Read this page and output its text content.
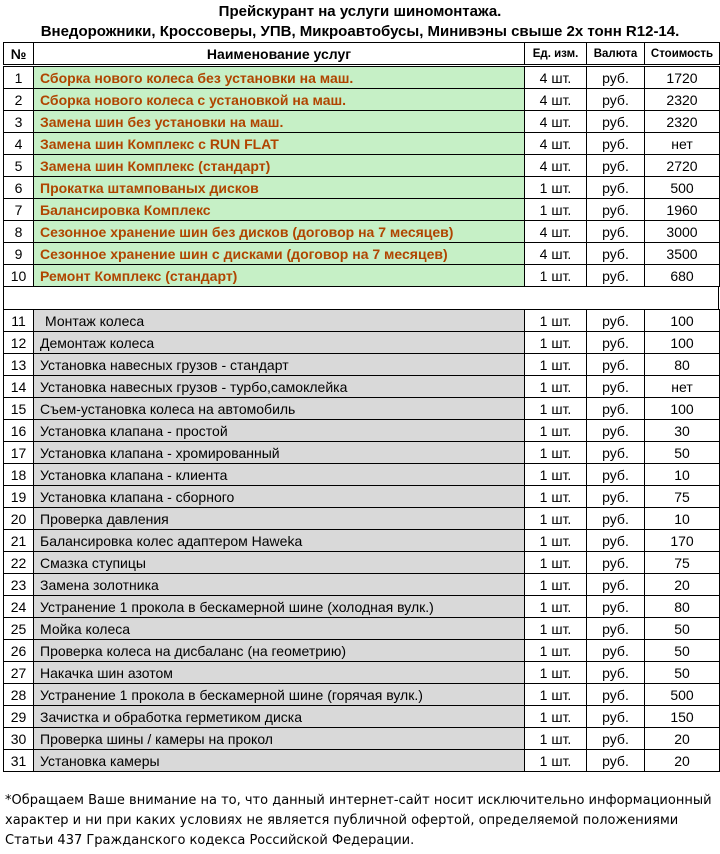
Прейскурант на услуги шиномонтажа.
Внедорожники, Кроссоверы, УПВ, Микроавтобусы, Минивэны свыше 2х тонн R12-14.
№	Наименование услуг	Ед. изм.	Валюта	Стоимость
1	Сборка нового колеса без установки на маш.	4 шт.	руб.	1720
2	Сборка нового колеса с установкой на маш.	4 шт.	руб.	2320
3	Замена шин без установки на маш.	4 шт.	руб.	2320
4	Замена шин Комплекс с RUN FLAT	4 шт.	руб.	нет
5	Замена шин Комплекс (стандарт)	4 шт.	руб.	2720
6	Прокатка штампованых дисков	1 шт.	руб.	500
7	Балансировка Комплекс	1 шт.	руб.	1960
8	Сезонное хранение шин без дисков (договор на 7 месяцев)	4 шт.	руб.	3000
9	Сезонное хранение шин с дисками (договор на 7 месяцев)	4 шт.	руб.	3500
10	Ремонт Комплекс (стандарт)	1 шт.	руб.	680
11	Монтаж колеса	1 шт.	руб.	100
12	Демонтаж колеса	1 шт.	руб.	100
13	Установка навесных грузов - стандарт	1 шт.	руб.	80
14	Установка навесных грузов - турбо,самоклейка	1 шт.	руб.	нет
15	Съем-установка колеса на автомобиль	1 шт.	руб.	100
16	Установка клапана - простой	1 шт.	руб.	30
17	Установка клапана - хромированный	1 шт.	руб.	50
18	Установка клапана - клиента	1 шт.	руб.	10
19	Установка клапана - сборного	1 шт.	руб.	75
20	Проверка давления	1 шт.	руб.	10
21	Балансировка колес адаптером Haweka	1 шт.	руб.	170
22	Смазка ступицы	1 шт.	руб.	75
23	Замена золотника	1 шт.	руб.	20
24	Устранение 1 прокола в бескамерной шине (холодная вулк.)	1 шт.	руб.	80
25	Мойка колеса	1 шт.	руб.	50
26	Проверка колеса на дисбаланс (на геометрию)	1 шт.	руб.	50
27	Накачка шин азотом	1 шт.	руб.	50
28	Устранение 1 прокола в бескамерной шине (горячая вулк.)	1 шт.	руб.	500
29	Зачистка и обработка герметиком диска	1 шт.	руб.	150
30	Проверка шины / камеры на прокол	1 шт.	руб.	20
31	Установка камеры	1 шт.	руб.	20
*Обращаем Ваше внимание на то, что данный интернет-сайт носит исключительно информационный
характер и ни при каких условиях не является публичной офертой, определяемой положениями
Статьи 437 Гражданского кодекса Российской Федерации.
